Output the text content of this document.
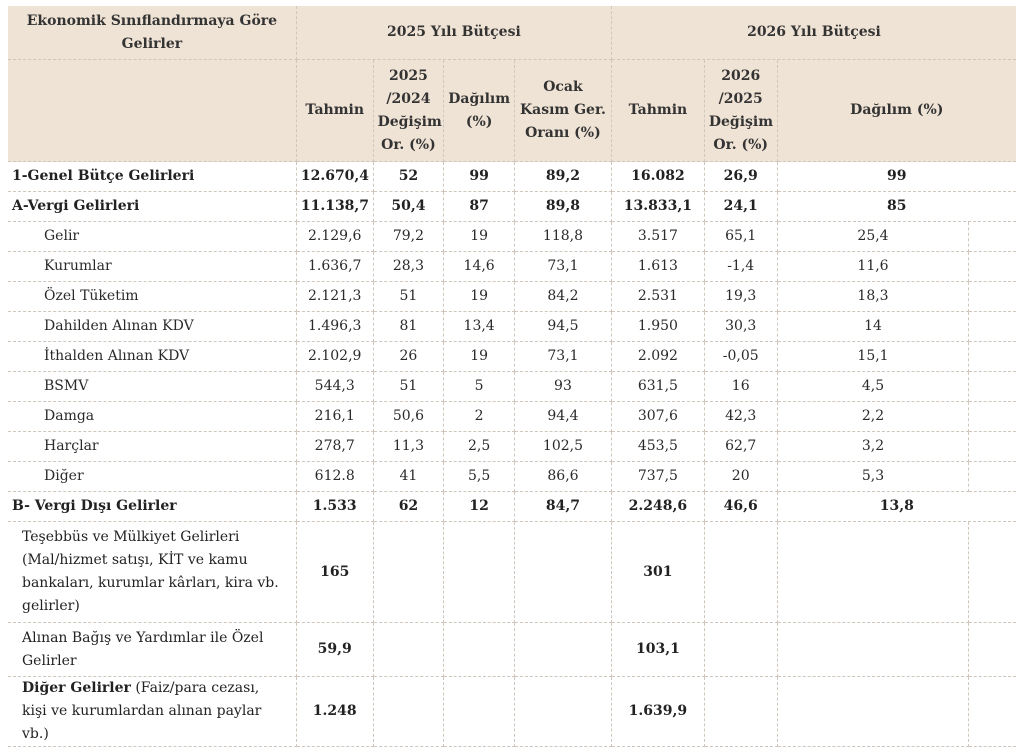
Ekonomik Sınıflandırmaya Göre Gelirler	2025 Yılı Bütçesi				2026 Yılı Bütçesi			
	Tahmin	2025 /2024 Değişim Or. (%)	Dağılım (%)	Ocak Kasım Ger. Oranı (%)	Tahmin	2026 /2025 Değişim Or. (%)	Dağılım (%)	
1-Genel Bütçe Gelirleri	12.670,4	52	99	89,2	16.082	26,9	99	
A-Vergi Gelirleri	11.138,7	50,4	87	89,8	13.833,1	24,1	85	
Gelir	2.129,6	79,2	19	118,8	3.517	65,1	25,4	
Kurumlar	1.636,7	28,3	14,6	73,1	1.613	-1,4	11,6	
Özel Tüketim	2.121,3	51	19	84,2	2.531	19,3	18,3	
Dahilden Alınan KDV	1.496,3	81	13,4	94,5	1.950	30,3	14	
İthalden Alınan KDV	2.102,9	26	19	73,1	2.092	-0,05	15,1	
BSMV	544,3	51	5	93	631,5	16	4,5	
Damga	216,1	50,6	2	94,4	307,6	42,3	2,2	
Harçlar	278,7	11,3	2,5	102,5	453,5	62,7	3,2	
Diğer	612.8	41	5,5	86,6	737,5	20	5,3	
B- Vergi Dışı Gelirler	1.533	62	12	84,7	2.248,6	46,6	13,8	
Teşebbüs ve Mülkiyet Gelirleri (Mal/hizmet satışı, KİT ve kamu bankaları, kurumlar kârları, kira vb. gelirler)	165				301			
Alınan Bağış ve Yardımlar ile Özel Gelirler	59,9				103,1			
Diğer Gelirler (Faiz/para cezası, kişi ve kurumlardan alınan paylar vb.)	1.248				1.639,9			
